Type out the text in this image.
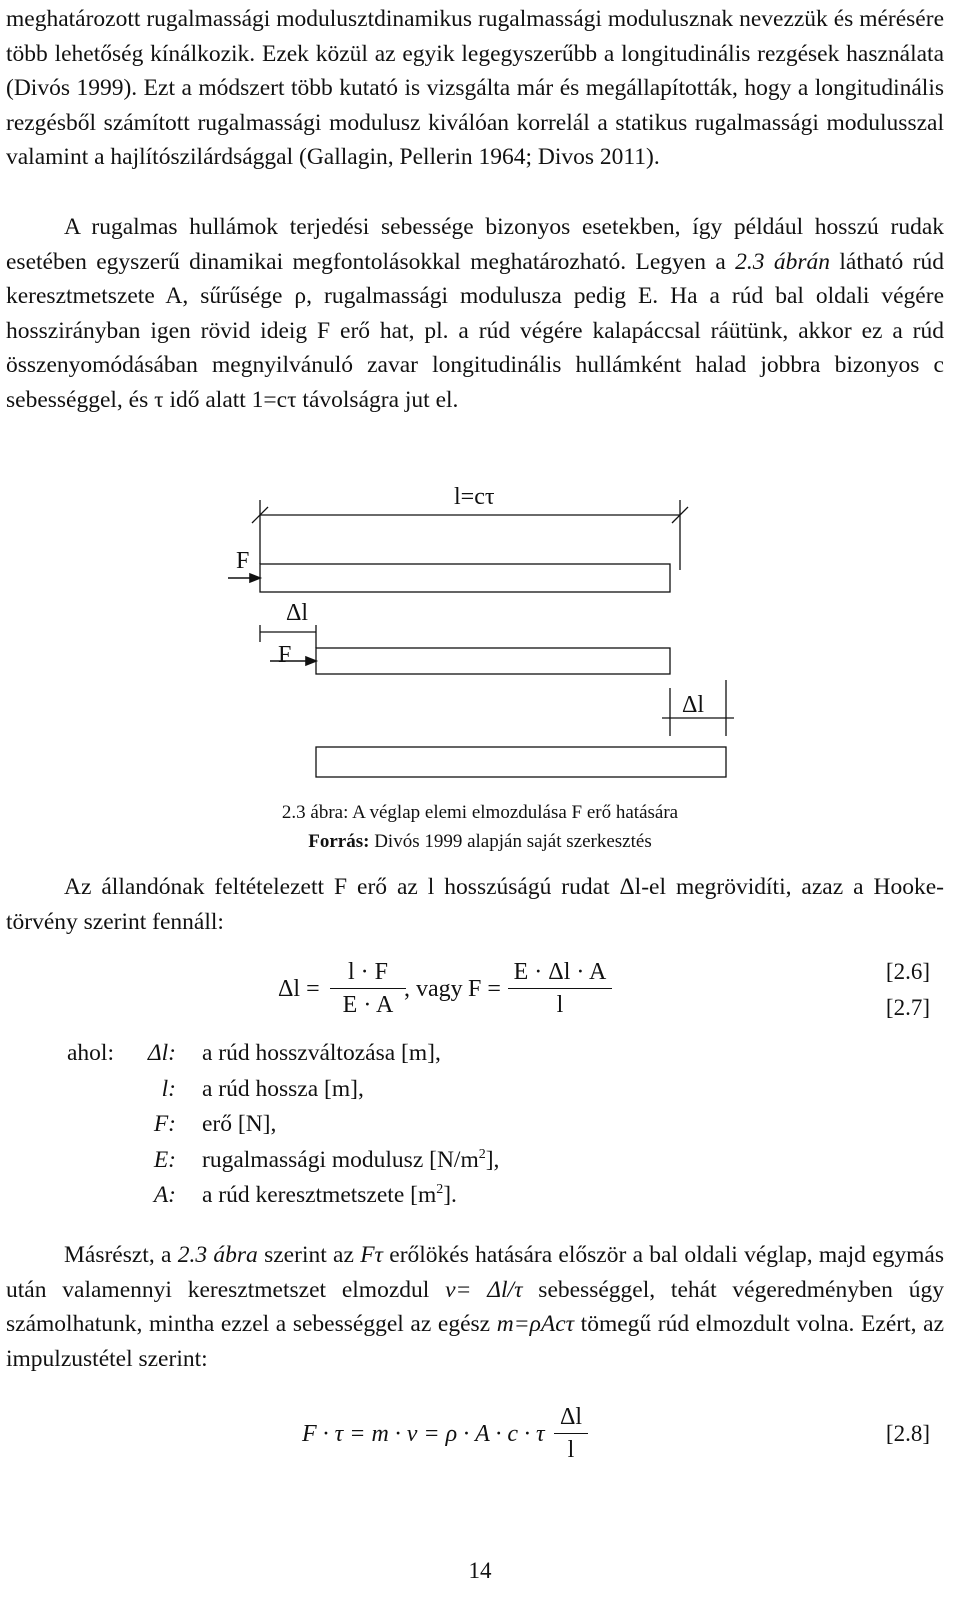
meghatározott rugalmassági modulusztdinamikus rugalmassági modulusznak nevezzük és mérésére több lehetőség kínálkozik. Ezek közül az egyik legegyszerűbb a longitudinális rezgések használata (Divós 1999). Ezt a módszert több kutató is vizsgálta már és megállapították, hogy a longitudinális rezgésből számított rugalmassági modulusz kiválóan korrelál a statikus rugalmassági modulusszal valamint a hajlítószilárdsággal (Gallagin, Pellerin 1964; Divos 2011).

A rugalmas hullámok terjedési sebessége bizonyos esetekben, így például hosszú rudak esetében egyszerű dinamikai megfontolásokkal meghatározható. Legyen a 2.3 ábrán látható rúd keresztmetszete A, sűrűsége ρ, rugalmassági modulusza pedig E. Ha a rúd bal oldali végére hosszirányban igen rövid ideig F erő hat, pl. a rúd végére kalapáccsal ráütünk, akkor ez a rúd összenyomódásában megnyilvánuló zavar longitudinális hullámként halad jobbra bizonyos c sebességgel, és τ idő alatt 1=cτ távolságra jut el.

l=cτ
F
Δl
F
Δl

2.3 ábra: A véglap elemi elmozdulása F erő hatására

Forrás: Divós 1999 alapján saját szerkesztés

Az állandónak feltételezett F erő az l hosszúságú rudat Δl-el megrövidíti, azaz a Hooke-törvény szerint fennáll:

Δl =
l · F
E · A
, vagy F =
E · Δl · A
l
[2.6]
[2.7]
ahol:	Δl: a rúd hosszváltozása [m],
l: a rúd hossza [m],
F: erő [N],
E: rugalmassági modulusz $[N/m^2]$,
A: a rúd keresztmetszete $[m^2]$.

Másrészt, a 2.3 ábra szerint az Fτ erőlökés hatására először a bal oldali véglap, majd egymás után valamennyi keresztmetszet elmozdul v= Δl/τ sebességgel, tehát végeredményben úgy számolhatunk, mintha ezzel a sebességgel az egész m=ρAcτ tömegű rúd elmozdult volna. Ezért, az impulzustétel szerint:

F · τ = m · v = ρ · A · c · τ
Δl
l
[2.8]
14
